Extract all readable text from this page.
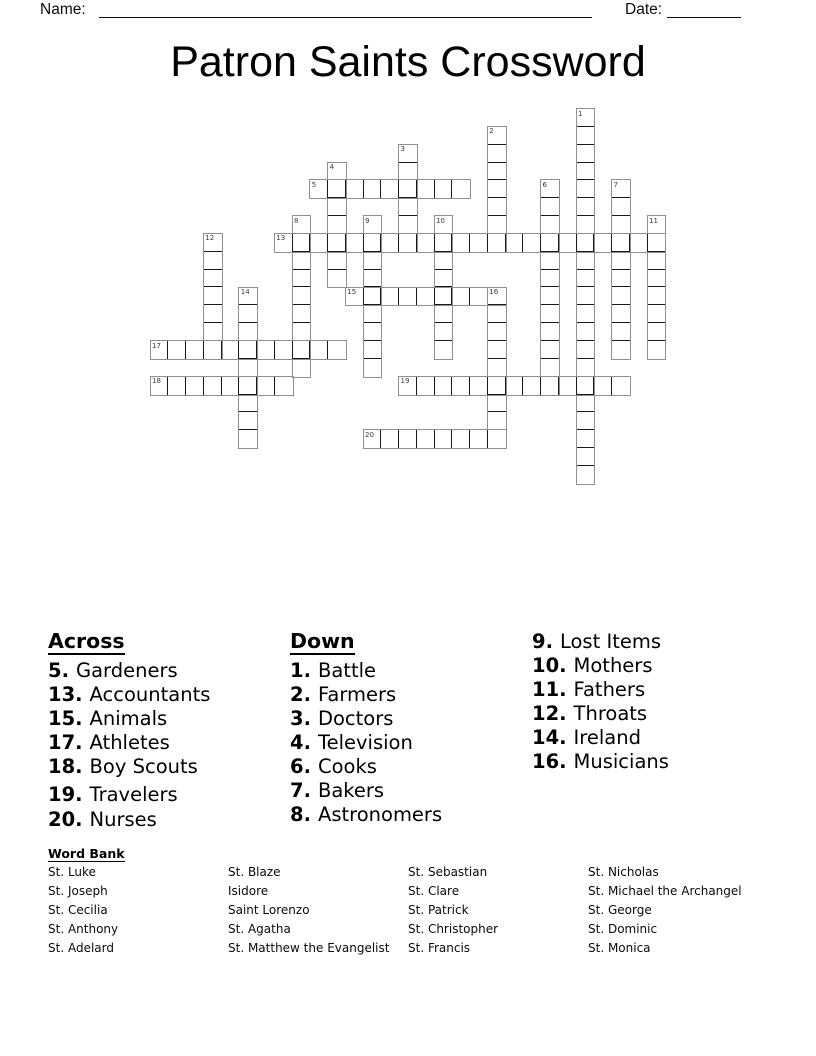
Name:	Date:
Patron Saints Crossword
1
2
3
4
5	6	7
8	9	10	11
12	13
14	15	16
17
18	19
20
Across
5. Gardeners
13. Accountants
15. Animals
17. Athletes
18. Boy Scouts
19. Travelers
20. Nurses
Down
1. Battle
2. Farmers
3. Doctors
4. Television
6. Cooks
7. Bakers
8. Astronomers
9. Lost Items
10. Mothers
11. Fathers
12. Throats
14. Ireland
16. Musicians
Word Bank
St. Luke
St. Joseph
St. Cecilia
St. Anthony
St. Adelard
St. Blaze
Isidore
Saint Lorenzo
St. Agatha
St. Matthew the Evangelist
St. Sebastian
St. Clare
St. Patrick
St. Christopher
St. Francis
St. Nicholas
St. Michael the Archangel
St. George
St. Dominic
St. Monica
